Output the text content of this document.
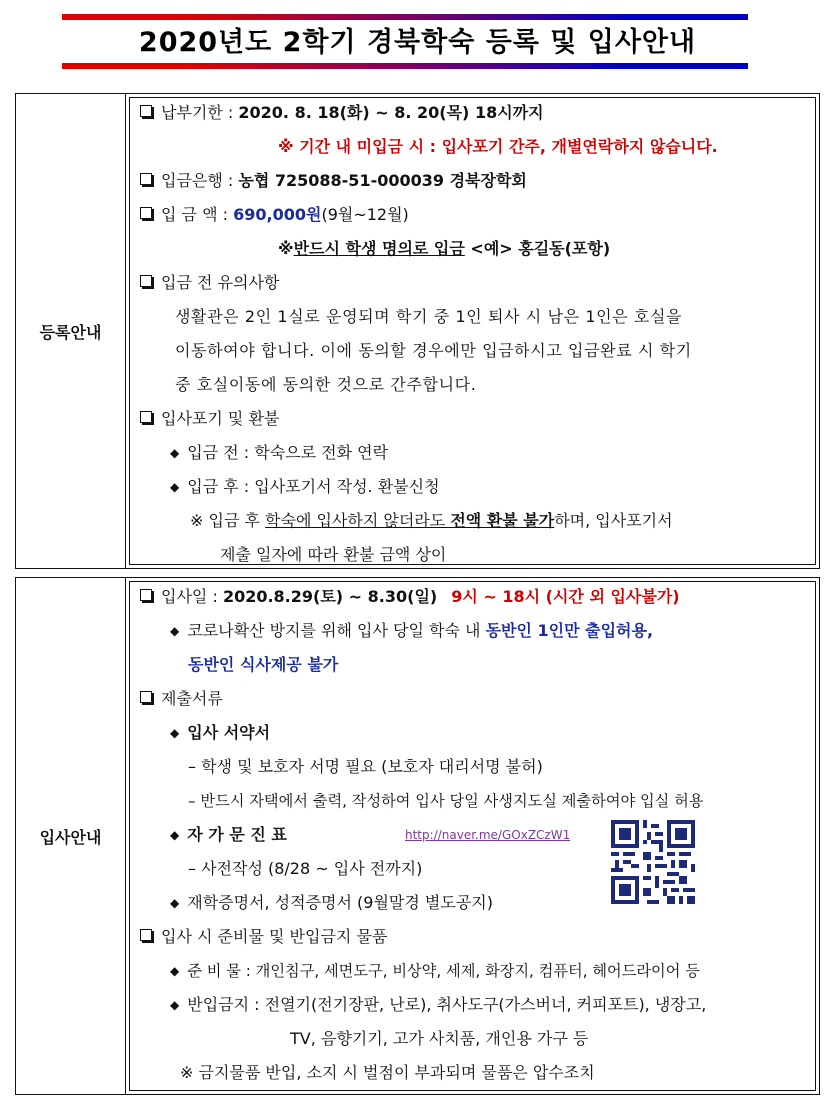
2020년도 2학기 경북학숙 등록 및 입사안내
등록안내
납부기한 : 2020. 8. 18(화) ~ 8. 20(목) 18시까지
※ 기간 내 미입금 시 : 입사포기 간주, 개별연락하지 않습니다.
입금은행 : 농협 725088-51-000039 경북장학회
입 금 액 : 690,000원(9월~12월)
※반드시 학생 명의로 입금 <예> 홍길동(포항)
입금 전 유의사항
생활관은 2인 1실로 운영되며 학기 중 1인 퇴사 시 남은 1인은 호실을
이동하여야 합니다. 이에 동의할 경우에만 입금하시고 입금완료 시 학기
중 호실이동에 동의한 것으로 간주합니다.
입사포기 및 환불
◆ 입금 전 : 학숙으로 전화 연락
◆ 입금 후 : 입사포기서 작성. 환불신청
※ 입금 후 학숙에 입사하지 않더라도 전액 환불 불가하며, 입사포기서
제출 일자에 따라 환불 금액 상이
입사안내
입사일 : 2020.8.29(토) ~ 8.30(일) 9시 ~ 18시 (시간 외 입사불가)
◆ 코로나확산 방지를 위해 입사 당일 학숙 내 동반인 1인만 출입허용,
동반인 식사제공 불가
제출서류
◆ 입사 서약서
– 학생 및 보호자 서명 필요 (보호자 대리서명 불허)
– 반드시 자택에서 출력, 작성하여 입사 당일 사생지도실 제출하여야 입실 허용
◆ 자 가 문 진 표
– 사전작성 (8/28 ~ 입사 전까지)
◆ 재학증명서, 성적증명서 (9월말경 별도공지)
입사 시 준비물 및 반입금지 물품
◆ 준 비 물 : 개인침구, 세면도구, 비상약, 세제, 화장지, 컴퓨터, 헤어드라이어 등
◆ 반입금지 : 전열기(전기장판, 난로), 취사도구(가스버너, 커피포트), 냉장고,
TV, 음향기기, 고가 사치품, 개인용 가구 등
※ 금지물품 반입, 소지 시 벌점이 부과되며 물품은 압수조치
http://naver.me/GOxZCzW1
